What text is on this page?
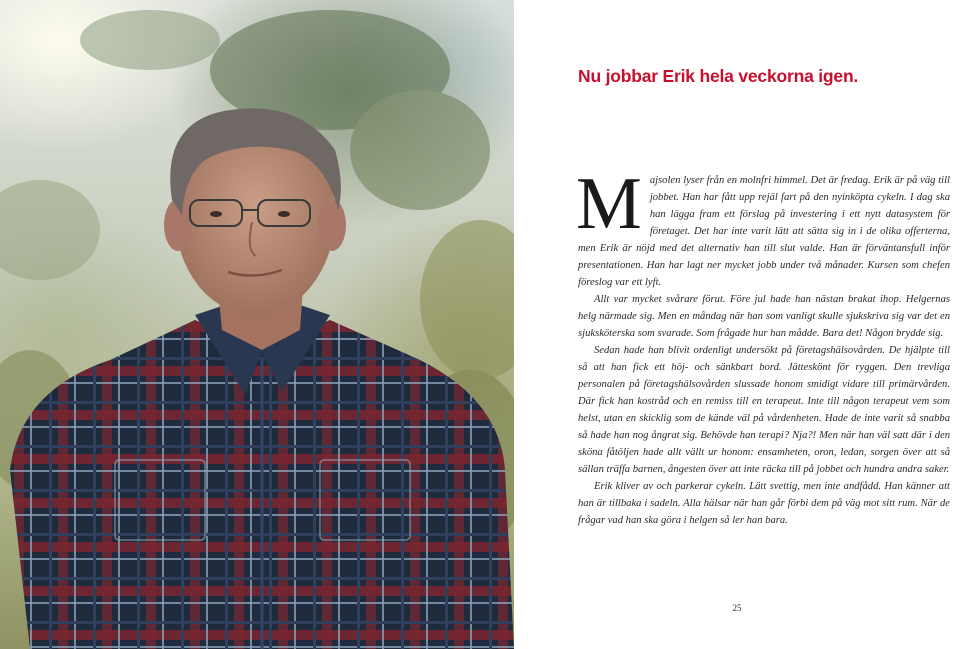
Nu jobbar Erik hela veckorna igen.

Majsolen lyser från en molnfri himmel. Det är fredag. Erik är på väg till jobbet. Han har fått upp rejäl fart på den nyinköpta cykeln. I dag ska han lägga fram ett förslag på investering i ett nytt datasystem för företaget. Det har inte varit lätt att sätta sig in i de olika offerterna, men Erik är nöjd med det alternativ han till slut valde. Han är förväntansfull inför presentationen. Han har lagt ner mycket jobb under två månader. Kursen som chefen föreslog var ett lyft.

Allt var mycket svårare förut. Före jul hade han nästan brakat ihop. Helgernas helg närmade sig. Men en måndag när han som vanligt skulle sjukskriva sig var det en sjuksköterska som svarade. Som frågade hur han mådde. Bara det! Någon brydde sig.

Sedan hade han blivit ordenligt undersökt på företagshälsovården. De hjälpte till så att han fick ett höj- och sänkbart bord. Jätteskönt för ryggen. Den trevliga personalen på företagshälsovården slussade honom smidigt vidare till primärvården. Där fick han kostråd och en remiss till en terapeut. Inte till någon terapeut vem som helst, utan en skicklig som de kände väl på vårdenheten. Hade de inte varit så snabba så hade han nog ångrat sig. Behövde han terapi? Nja?! Men när han väl satt där i den sköna fåtöljen hade allt vällt ur honom: ensamheten, oron, ledan, sorgen över att så sällan träffa barnen, ångesten över att inte räcka till på jobbet och hundra andra saker.

Erik kliver av och parkerar cykeln. Lätt svettig, men inte andfådd. Han känner att han är tillbaka i sadeln. Alla hälsar när han går förbi dem på väg mot sitt rum. När de frågar vad han ska göra i helgen så ler han bara.

25
